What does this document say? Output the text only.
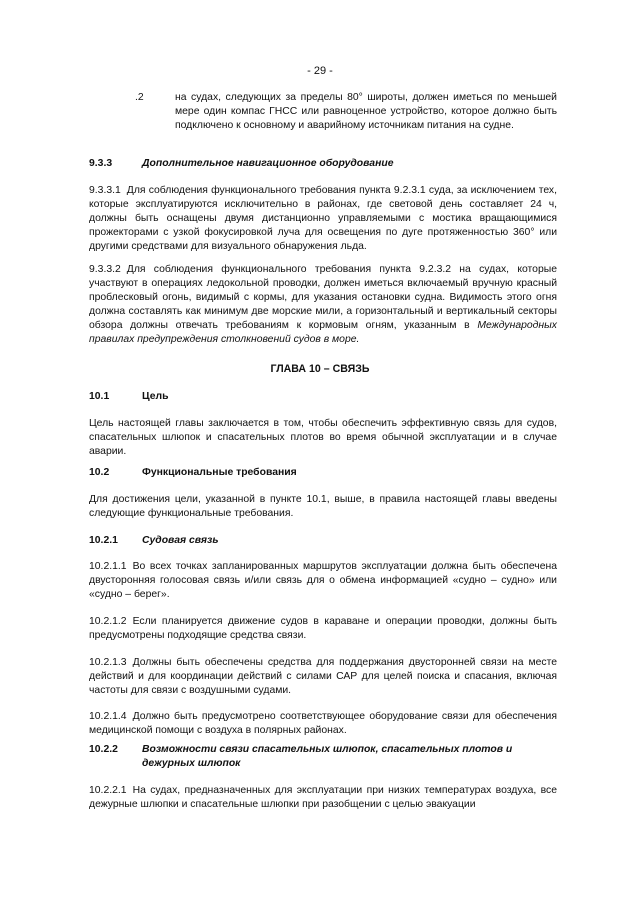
- 29 -
.2	на судах, следующих за пределы 80° широты, должен иметься по меньшей мере один компас ГНСС или равноценное устройство, которое должно быть подключено к основному и аварийному источникам питания на судне.
9.3.3	Дополнительное навигационное оборудование
9.3.3.1 Для соблюдения функционального требования пункта 9.2.3.1 суда, за исключением тех, которые эксплуатируются исключительно в районах, где световой день составляет 24 ч, должны быть оснащены двумя дистанционно управляемыми с мостика вращающимися прожекторами с узкой фокусировкой луча для освещения по дуге протяженностью 360° или другими средствами для визуального обнаружения льда.
9.3.3.2 Для соблюдения функционального требования пункта 9.2.3.2 на судах, которые участвуют в операциях ледокольной проводки, должен иметься включаемый вручную красный проблесковый огонь, видимый с кормы, для указания остановки судна. Видимость этого огня должна составлять как минимум две морские мили, а горизонтальный и вертикальный секторы обзора должны отвечать требованиям к кормовым огням, указанным в Международных правилах предупреждения столкновений судов в море.
ГЛАВА 10 – СВЯЗЬ
10.1	Цель
Цель настоящей главы заключается в том, чтобы обеспечить эффективную связь для судов, спасательных шлюпок и спасательных плотов во время обычной эксплуатации и в случае аварии.
10.2	Функциональные требования
Для достижения цели, указанной в пункте 10.1, выше, в правила настоящей главы введены следующие функциональные требования.
10.2.1 Судовая связь
10.2.1.1 Во всех точках запланированных маршрутов эксплуатации должна быть обеспечена двусторонняя голосовая связь и/или связь для о обмена информацией «судно – судно» или «судно – берег».
10.2.1.2 Если планируется движение судов в караване и операции проводки, должны быть предусмотрены подходящие средства связи.
10.2.1.3 Должны быть обеспечены средства для поддержания двусторонней связи на месте действий и для координации действий с силами САР для целей поиска и спасания, включая частоты для связи с воздушными судами.
10.2.1.4 Должно быть предусмотрено соответствующее оборудование связи для обеспечения медицинской помощи с воздуха в полярных районах.
10.2.2 Возможности связи спасательных шлюпок, спасательных плотов и дежурных шлюпок
10.2.2.1 На судах, предназначенных для эксплуатации при низких температурах воздуха, все дежурные шлюпки и спасательные шлюпки при разобщении с целью эвакуации
